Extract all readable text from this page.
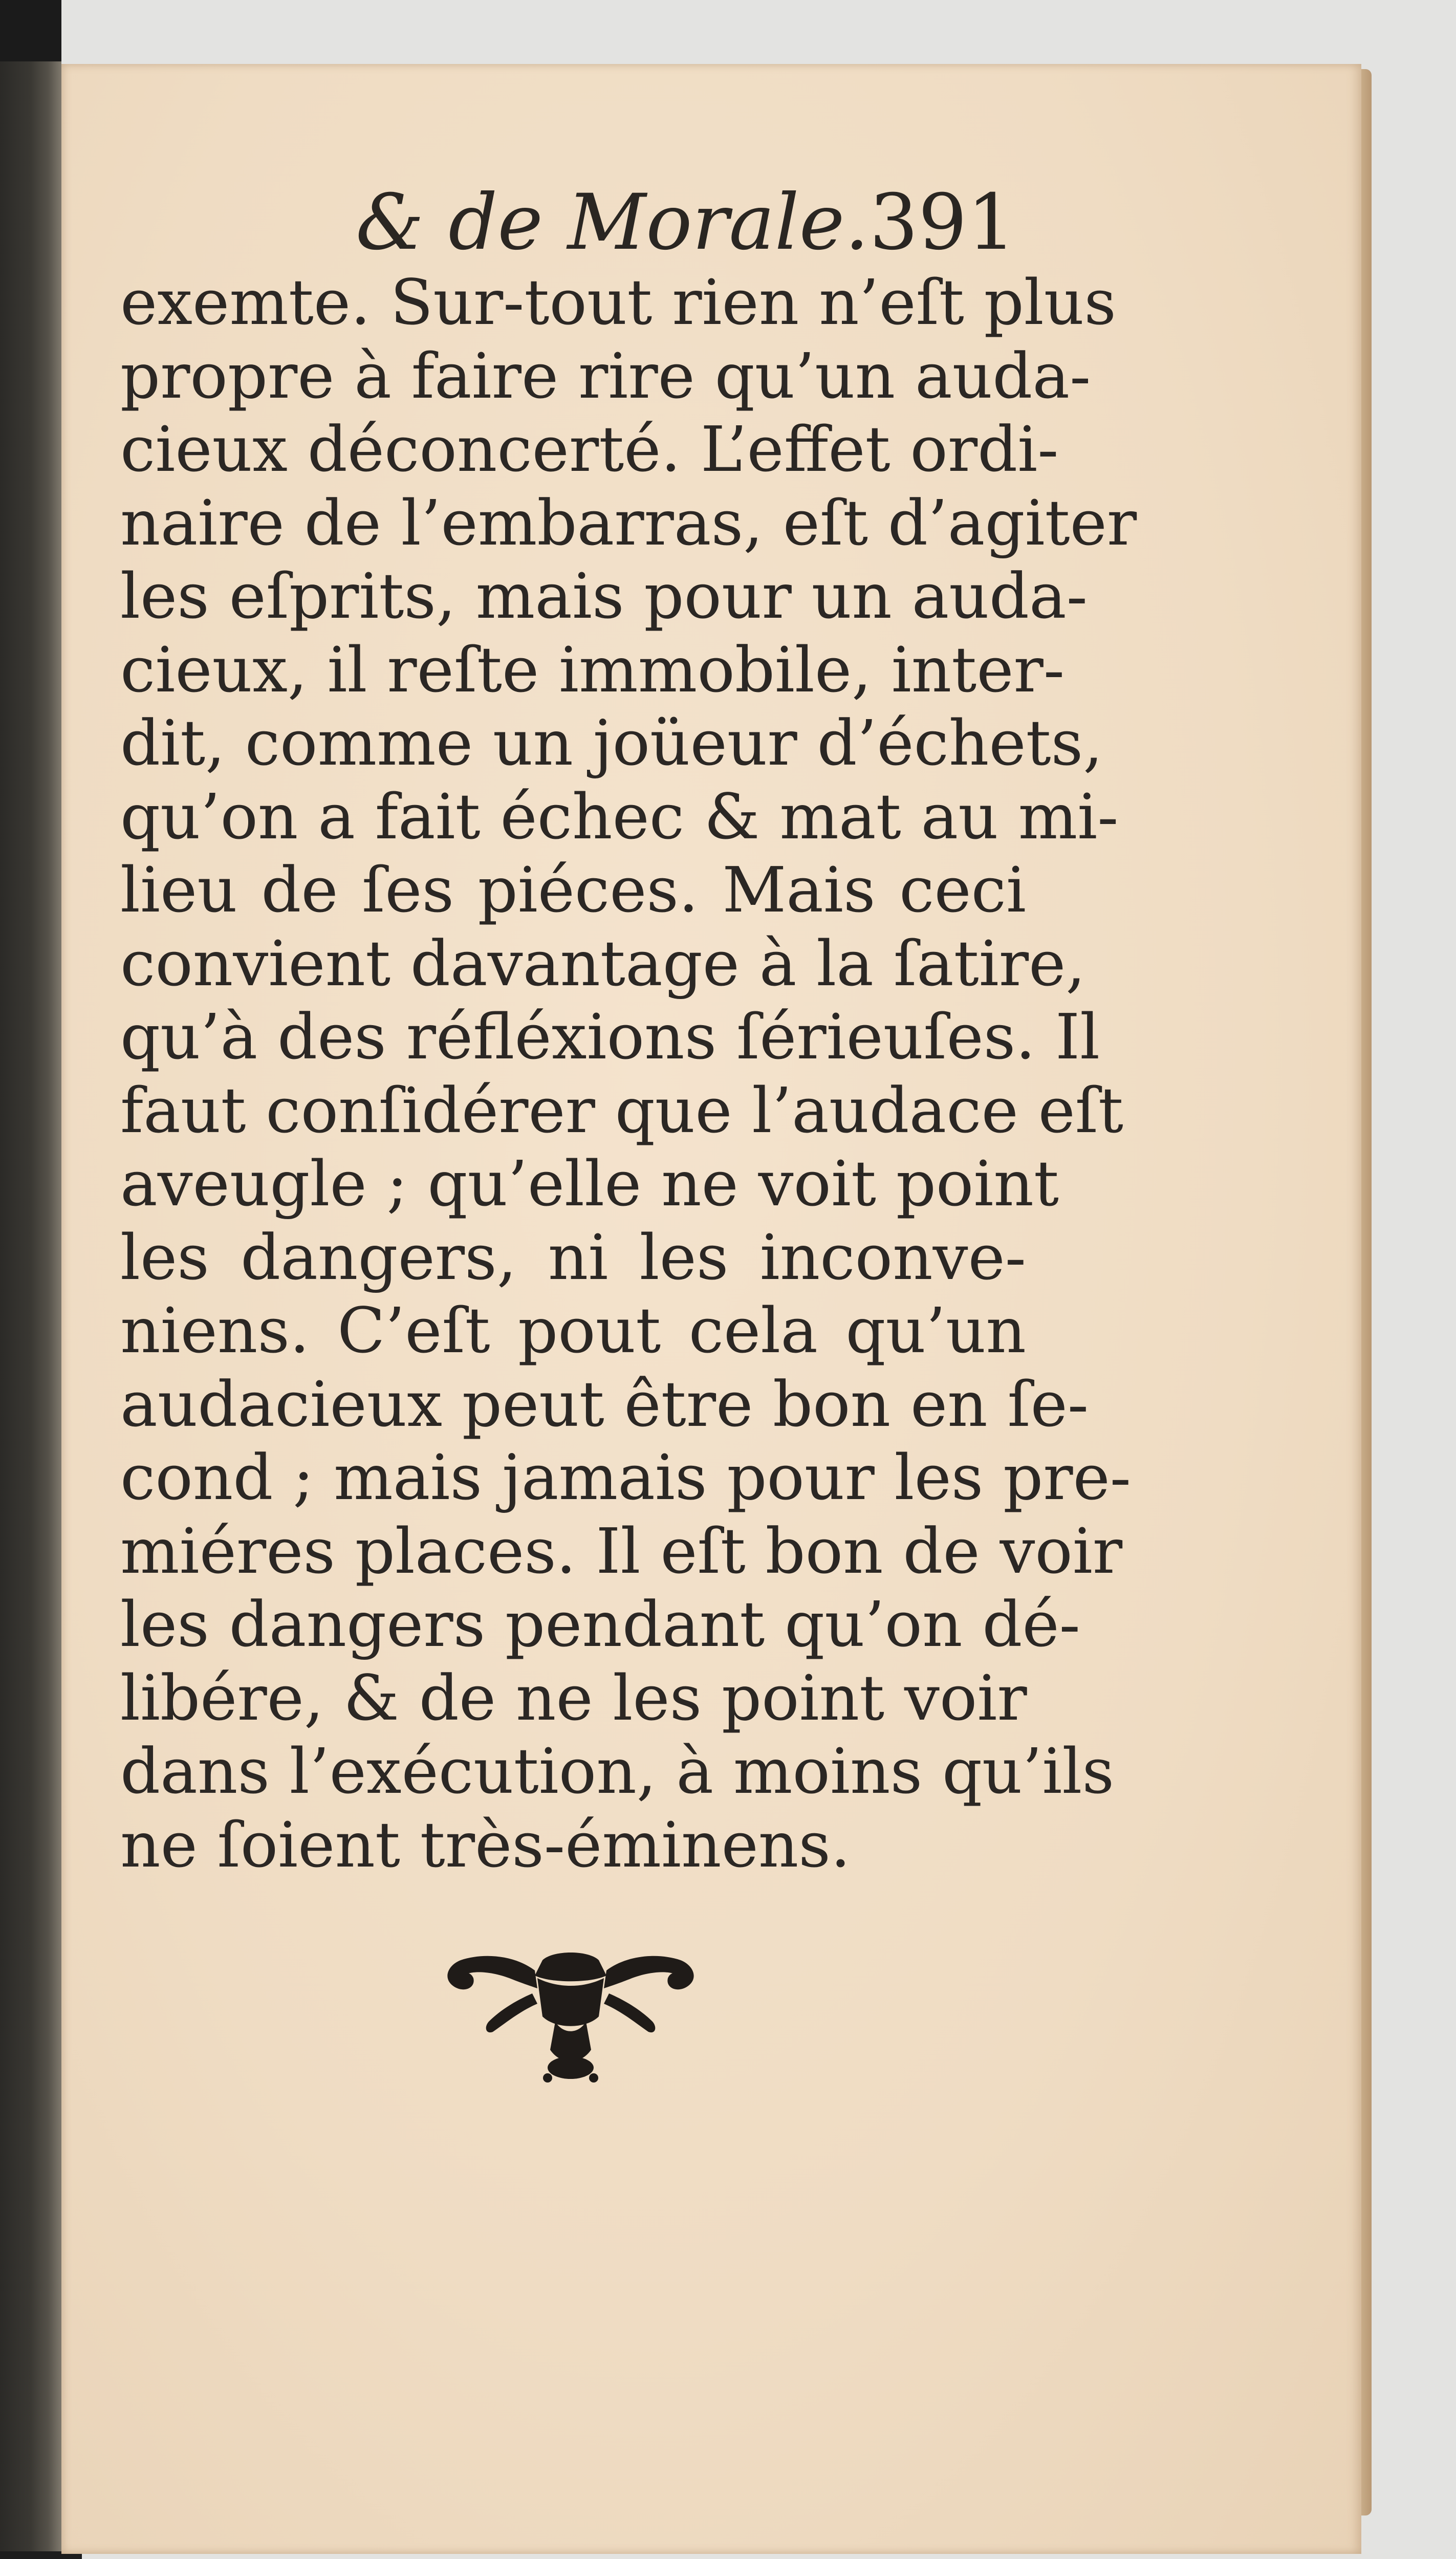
& de Morale. 391
exemte. Sur-tout rien n’eſt plus
propre à faire rire qu’un auda-
cieux déconcerté. L’effet ordi-
naire de l’embarras, eſt d’agiter
les eſprits, mais pour un auda-
cieux, il reſte immobile, inter-
dit, comme un joüeur d’échets,
qu’on a fait échec & mat au mi-
lieu de ſes piéces. Mais ceci
convient davantage à la ſatire,
qu’à des réfléxions ſérieuſes. Il
faut conſidérer que l’audace eſt
aveugle ; qu’elle ne voit point
les dangers, ni les inconve-
niens. C’eſt pout cela qu’un
audacieux peut être bon en ſe-
cond ; mais jamais pour les pre-
miéres places. Il eſt bon de voir
les dangers pendant qu’on dé-
libére, & de ne les point voir
dans l’exécution, à moins qu’ils
ne ſoient très-éminens.
